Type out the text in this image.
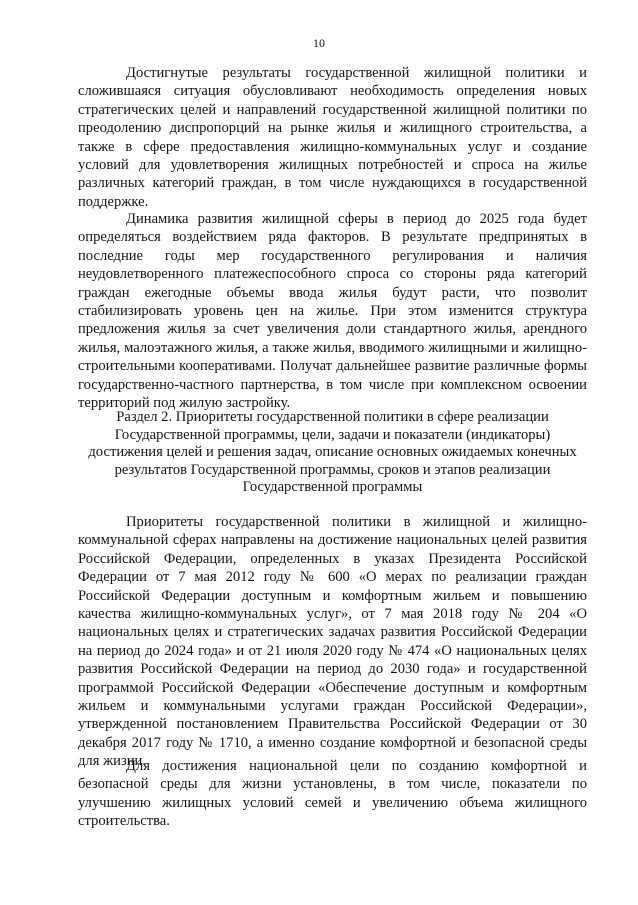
10

Достигнутые результаты государственной жилищной политики и сложившаяся ситуация обусловливают необходимость определения новых стратегических целей и направлений государственной жилищной политики по преодолению диспропорций на рынке жилья и жилищного строительства, а также в сфере предоставления жилищно-коммунальных услуг и создание условий для удовлетворения жилищных потребностей и спроса на жилье различных категорий граждан, в том числе нуждающихся в государственной поддержке.

Динамика развития жилищной сферы в период до 2025 года будет определяться воздействием ряда факторов. В результате предпринятых в последние годы мер государственного регулирования и наличия неудовлетворенного платежеспособного спроса со стороны ряда категорий граждан ежегодные объемы ввода жилья будут расти, что позволит стабилизировать уровень цен на жилье. При этом изменится структура предложения жилья за счет увеличения доли стандартного жилья, арендного жилья, малоэтажного жилья, а также жилья, вводимого жилищными и жилищно-строительными кооперативами. Получат дальнейшее развитие различные формы государственно-частного партнерства, в том числе при комплексном освоении территорий под жилую застройку.

Раздел 2. Приоритеты государственной политики в сфере реализации Государственной программы, цели, задачи и показатели (индикаторы) достижения целей и решения задач, описание основных ожидаемых конечных результатов Государственной программы, сроков и этапов реализации Государственной программы

Приоритеты государственной политики в жилищной и жилищно-коммунальной сферах направлены на достижение национальных целей развития Российской Федерации, определенных в указах Президента Российской Федерации от 7 мая 2012 году № 600 «О мерах по реализации граждан Российской Федерации доступным и комфортным жильем и повышению качества жилищно-коммунальных услуг», от 7 мая 2018 году № 204 «О национальных целях и стратегических задачах развития Российской Федерации на период до 2024 года» и от 21 июля 2020 году № 474 «О национальных целях развития Российской Федерации на период до 2030 года» и государственной программой Российской Федерации «Обеспечение доступным и комфортным жильем и коммунальными услугами граждан Российской Федерации», утвержденной постановлением Правительства Российской Федерации от 30 декабря 2017 году № 1710, а именно создание комфортной и безопасной среды для жизни.

Для достижения национальной цели по созданию комфортной и безопасной среды для жизни установлены, в том числе, показатели по улучшению жилищных условий семей и увеличению объема жилищного строительства.
